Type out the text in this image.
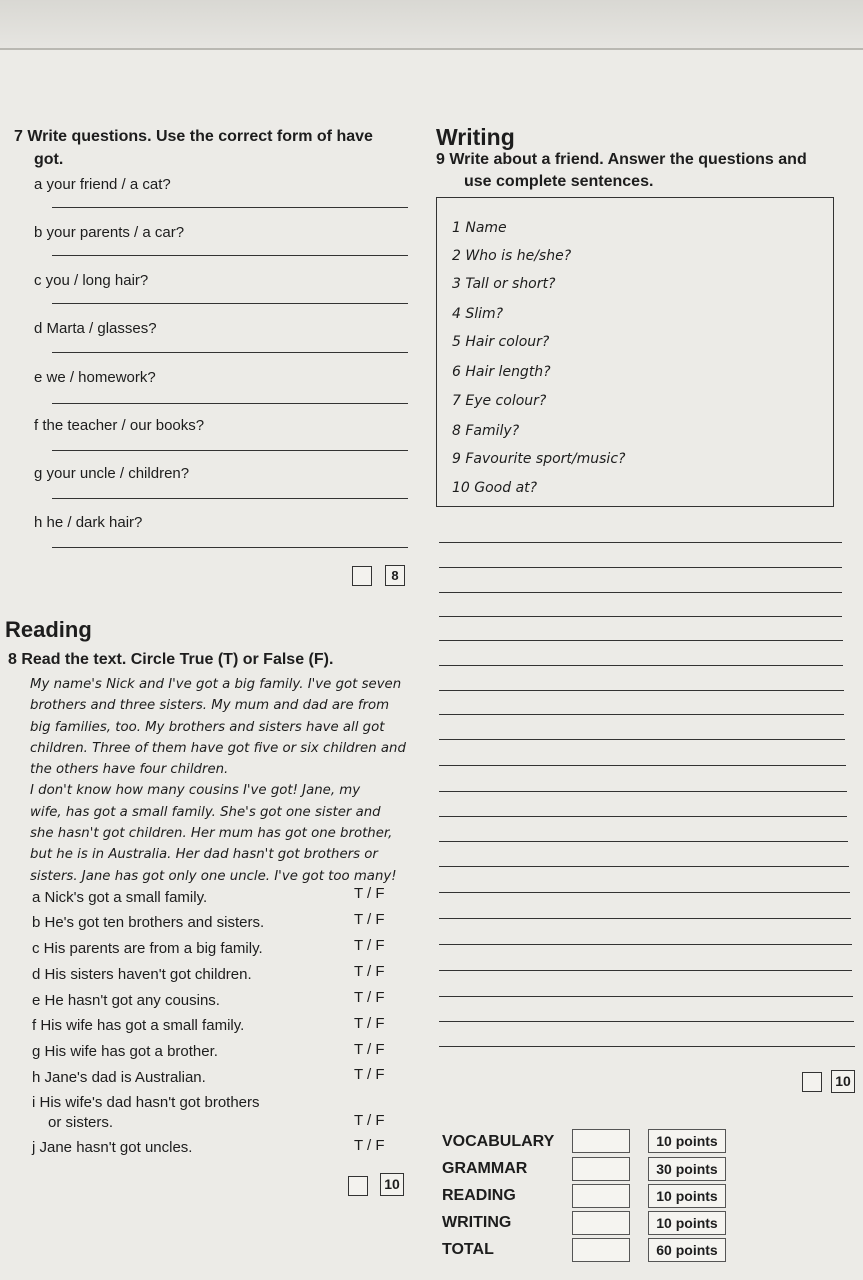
7 Write questions. Use the correct form of have
got.
a your friend / a cat?
b your parents / a car?
c you / long hair?
d Marta / glasses?
e we / homework?
f the teacher / our books?
g your uncle / children?
h he / dark hair?
8
Writing
9 Write about a friend. Answer the questions and
use complete sentences.
1 Name
2 Who is he/she?
3 Tall or short?
4 Slim?
5 Hair colour?
6 Hair length?
7 Eye colour?
8 Family?
9 Favourite sport/music?
10 Good at?
10
Reading
8 Read the text. Circle True (T) or False (F).
My name's Nick and I've got a big family. I've got seven
brothers and three sisters. My mum and dad are from
big families, too. My brothers and sisters have all got
children. Three of them have got five or six children and
the others have four children.
I don't know how many cousins I've got! Jane, my
wife, has got a small family. She's got one sister and
she hasn't got children. Her mum has got one brother,
but he is in Australia. Her dad hasn't got brothers or
sisters. Jane has got only one uncle. I've got too many!
a Nick's got a small family.	T / F
b He's got ten brothers and sisters.	T / F
c His parents are from a big family.	T / F
d His sisters haven't got children.	T / F
e He hasn't got any cousins.	T / F
f His wife has got a small family.	T / F
g His wife has got a brother.	T / F
h Jane's dad is Australian.	T / F
i His wife's dad hasn't got brothers
or sisters.	T / F
j Jane hasn't got uncles.	T / F
10
VOCABULARY	10 points
GRAMMAR	30 points
READING	10 points
WRITING	10 points
TOTAL	60 points
